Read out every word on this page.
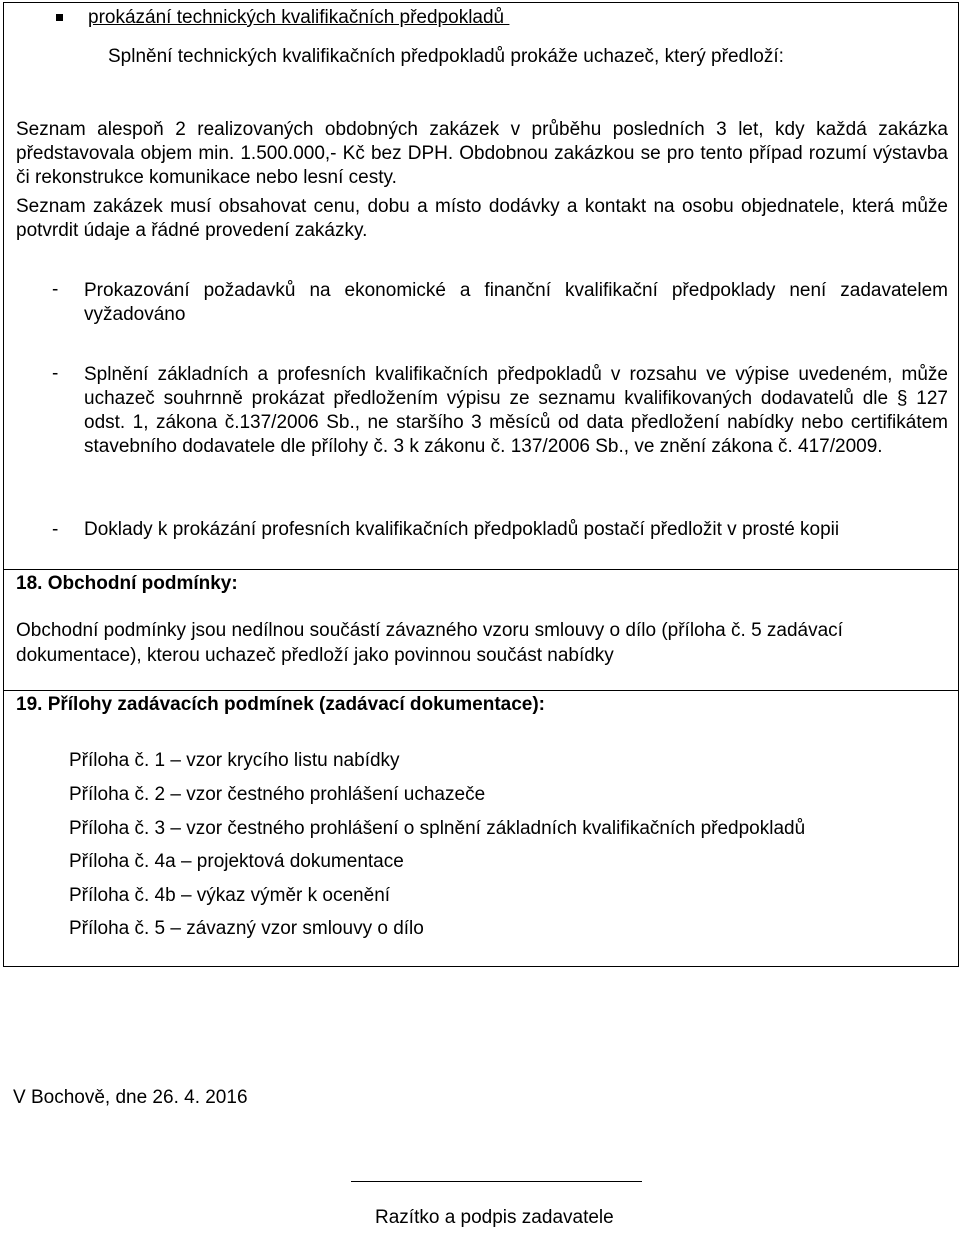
prokázání technických kvalifikačních předpokladů

Splnění technických kvalifikačních předpokladů prokáže uchazeč, který předloží:

Seznam alespoň 2 realizovaných obdobných zakázek v průběhu posledních 3 let, kdy každá zakázka představovala objem min. 1.500.000,- Kč bez DPH. Obdobnou zakázkou se pro tento případ rozumí výstavba či rekonstrukce komunikace nebo lesní cesty.

Seznam zakázek musí obsahovat cenu, dobu a místo dodávky a kontakt na osobu objednatele, která může potvrdit údaje a řádné provedení zakázky.

- Prokazování požadavků na ekonomické a finanční kvalifikační předpoklady není zadavatelem vyžadováno

- Splnění základních a profesních kvalifikačních předpokladů v rozsahu ve výpise uvedeném, může uchazeč souhrnně prokázat předložením výpisu ze seznamu kvalifikovaných dodavatelů dle § 127 odst. 1, zákona č.137/2006 Sb., ne staršího 3 měsíců od data předložení nabídky nebo certifikátem stavebního dodavatele dle přílohy č. 3 k zákonu č. 137/2006 Sb., ve znění zákona č. 417/2009.

- Doklady k prokázání profesních kvalifikačních předpokladů postačí předložit v prosté kopii

18. Obchodní podmínky:

Obchodní podmínky jsou nedílnou součástí závazného vzoru smlouvy o dílo (příloha č. 5 zadávací dokumentace), kterou uchazeč předloží jako povinnou součást nabídky

19. Přílohy zadávacích podmínek (zadávací dokumentace):

Příloha č. 1 – vzor krycího listu nabídky

Příloha č. 2 – vzor čestného prohlášení uchazeče

Příloha č. 3 – vzor čestného prohlášení o splnění základních kvalifikačních předpokladů

Příloha č. 4a – projektová dokumentace

Příloha č. 4b – výkaz výměr k ocenění

Příloha č. 5 – závazný vzor smlouvy o dílo

V Bochově, dne 26. 4. 2016

Razítko a podpis zadavatele
